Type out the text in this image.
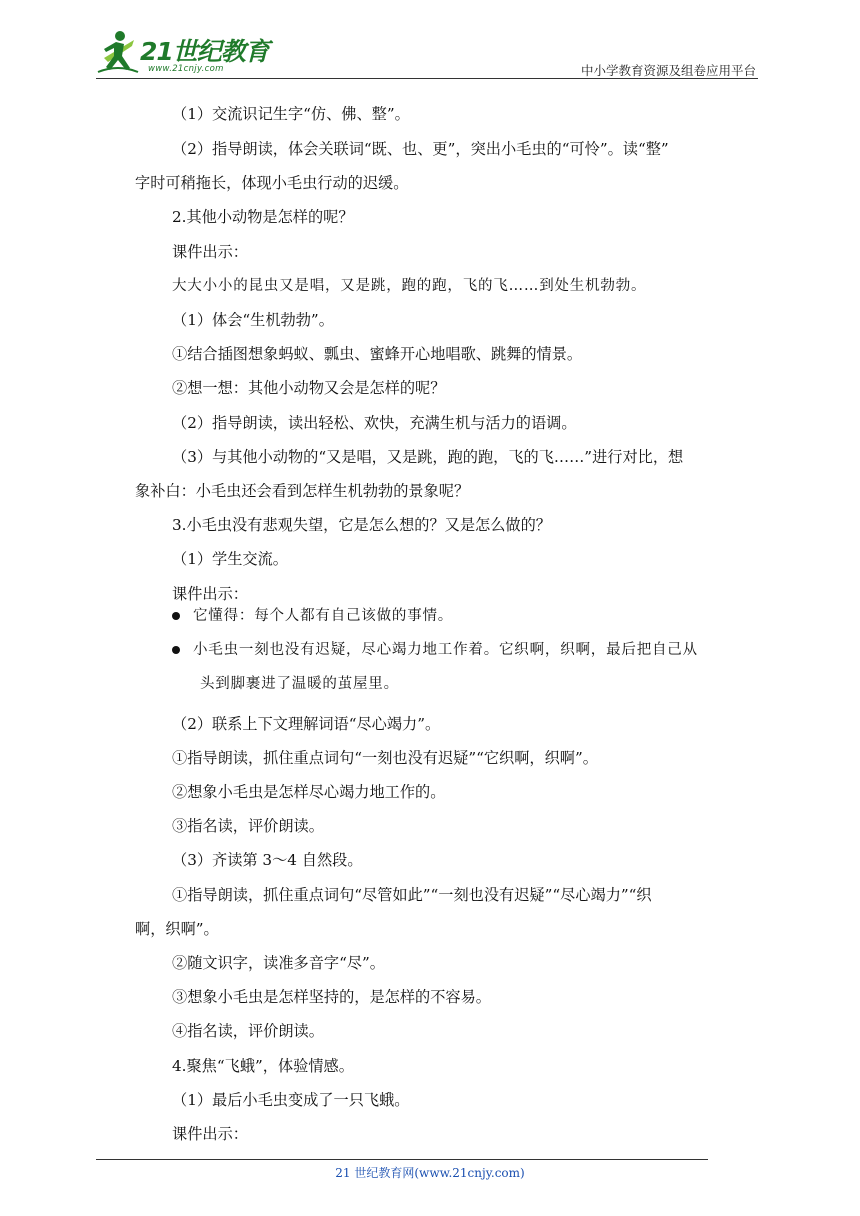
21世纪教育
www.21cnjy.com	中小学教育资源及组卷应用平台
（1）交流识记生字“仿、佛、整”。
（2）指导朗读，体会关联词“既、也、更”，突出小毛虫的“可怜”。读“整”
字时可稍拖长，体现小毛虫行动的迟缓。
2.其他小动物是怎样的呢？
课件出示：
大大小小的昆虫又是唱，又是跳，跑的跑，飞的飞……到处生机勃勃。
（1）体会“生机勃勃”。
①结合插图想象蚂蚁、瓢虫、蜜蜂开心地唱歌、跳舞的情景。
②想一想：其他小动物又会是怎样的呢？
（2）指导朗读，读出轻松、欢快，充满生机与活力的语调。
（3）与其他小动物的“又是唱，又是跳，跑的跑，飞的飞……”进行对比，想
象补白：小毛虫还会看到怎样生机勃勃的景象呢？
3.小毛虫没有悲观失望，它是怎么想的？又是怎么做的？
（1）学生交流。
课件出示：
它懂得：每个人都有自己该做的事情。
小毛虫一刻也没有迟疑，尽心竭力地工作着。它织啊，织啊，最后把自己从
头到脚裹进了温暖的茧屋里。
（2）联系上下文理解词语“尽心竭力”。
①指导朗读，抓住重点词句“一刻也没有迟疑”“它织啊，织啊”。
②想象小毛虫是怎样尽心竭力地工作的。
③指名读，评价朗读。
（3）齐读第 3～4 自然段。
①指导朗读，抓住重点词句“尽管如此”“一刻也没有迟疑”“尽心竭力”“织
啊，织啊”。
②随文识字，读准多音字“尽”。
③想象小毛虫是怎样坚持的，是怎样的不容易。
④指名读，评价朗读。
4.聚焦“飞蛾”，体验情感。
（1）最后小毛虫变成了一只飞蛾。
课件出示：
21 世纪教育网(www.21cnjy.com)
